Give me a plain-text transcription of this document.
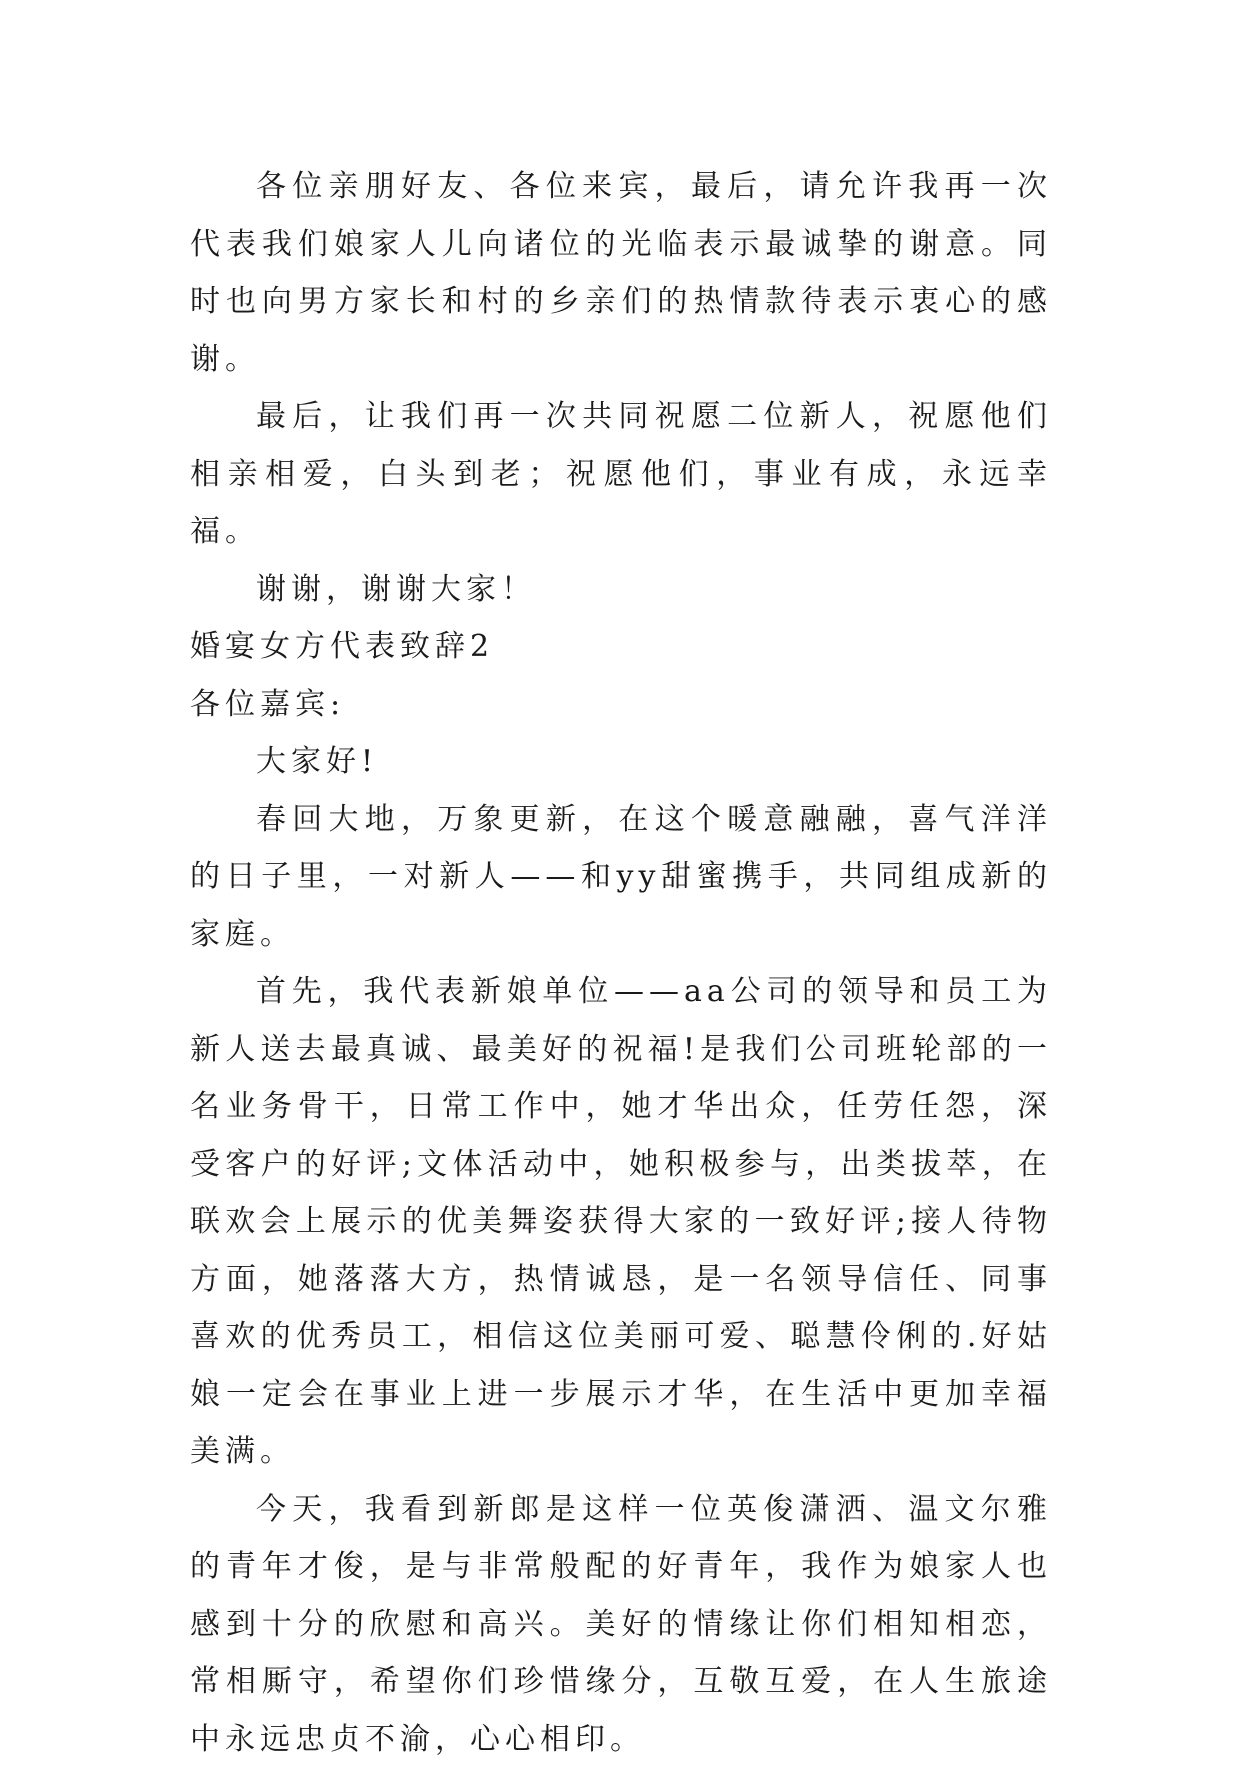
各位亲朋好友、各位来宾，最后，请允许我再一次代表我们娘家人儿向诸位的光临表示最诚挚的谢意。同时也向男方家长和村的乡亲们的热情款待表示衷心的感谢。

最后，让我们再一次共同祝愿二位新人，祝愿他们相亲相爱，白头到老；祝愿他们，事业有成，永远幸福。

谢谢，谢谢大家！

婚宴女方代表致辞2

各位嘉宾:

大家好!

春回大地，万象更新，在这个暖意融融，喜气洋洋的日子里，一对新人——和yy甜蜜携手，共同组成新的家庭。

首先，我代表新娘单位——aa公司的领导和员工为新人送去最真诚、最美好的祝福!是我们公司班轮部的一名业务骨干，日常工作中，她才华出众，任劳任怨，深受客户的好评;文体活动中，她积极参与，出类拔萃，在联欢会上展示的优美舞姿获得大家的一致好评;接人待物方面，她落落大方，热情诚恳，是一名领导信任、同事喜欢的优秀员工，相信这位美丽可爱、聪慧伶俐的.好姑娘一定会在事业上进一步展示才华，在生活中更加幸福美满。

今天，我看到新郎是这样一位英俊潇洒、温文尔雅的青年才俊，是与非常般配的好青年，我作为娘家人也感到十分的欣慰和高兴。美好的情缘让你们相知相恋，常相厮守，希望你们珍惜缘分，互敬互爱，在人生旅途中永远忠贞不渝，心心相印。
